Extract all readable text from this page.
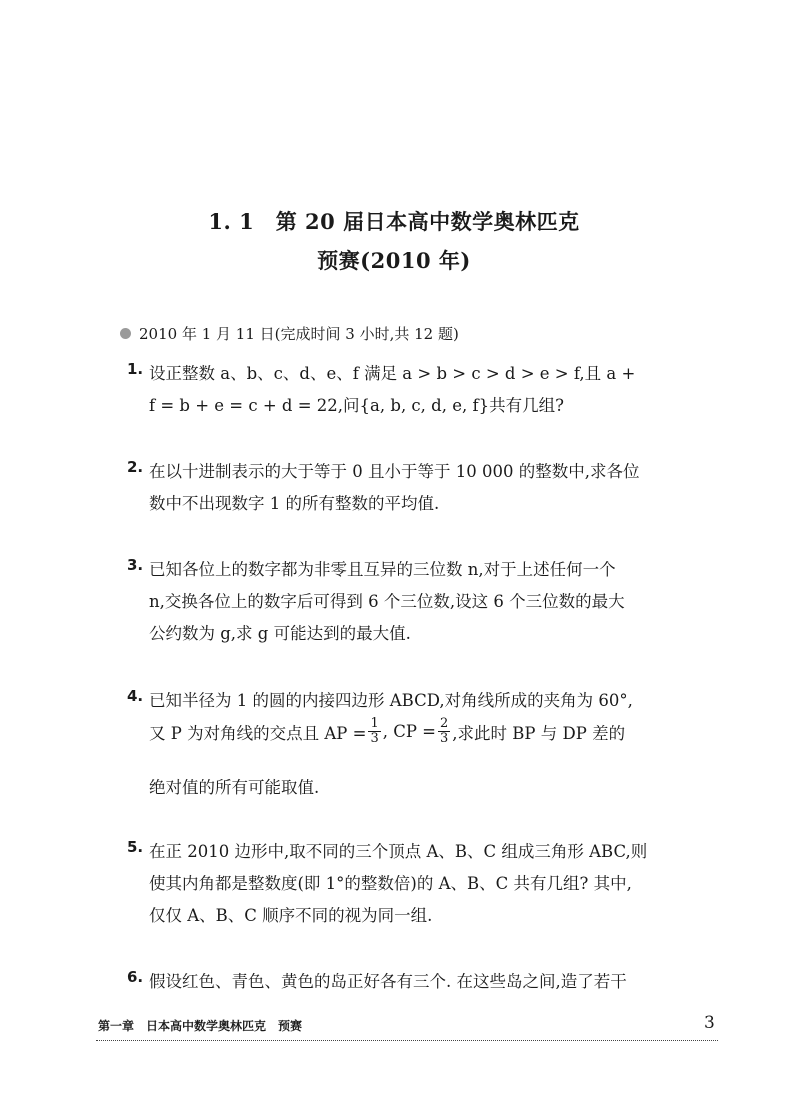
1. 1　第 20 届日本高中数学奥林匹克
预赛(2010 年)
2010 年 1 月 11 日(完成时间 3 小时,共 12 题)
1. 设正整数 a、b、c、d、e、f 满足 a > b > c > d > e > f,且 a +
f = b + e = c + d = 22,问{a, b, c, d, e, f}共有几组?
2. 在以十进制表示的大于等于 0 且小于等于 10 000 的整数中,求各位
数中不出现数字 1 的所有整数的平均值.
3. 已知各位上的数字都为非零且互异的三位数 n,对于上述任何一个
n,交换各位上的数字后可得到 6 个三位数,设这 6 个三位数的最大
公约数为 g,求 g 可能达到的最大值.
4. 已知半径为 1 的圆的内接四边形 ABCD,对角线所成的夹角为 60°,
又 P 为对角线的交点且 AP = $\frac{1}{3}$ , CP = $\frac{2}{3}$ ,求此时 BP 与 DP 差的
绝对值的所有可能取值.
5. 在正 2010 边形中,取不同的三个顶点 A、B、C 组成三角形 ABC,则
使其内角都是整数度(即 1°的整数倍)的 A、B、C 共有几组? 其中,
仅仅 A、B、C 顺序不同的视为同一组.
6. 假设红色、青色、黄色的岛正好各有三个. 在这些岛之间,造了若干
第一章　日本高中数学奥林匹克　预赛	3
